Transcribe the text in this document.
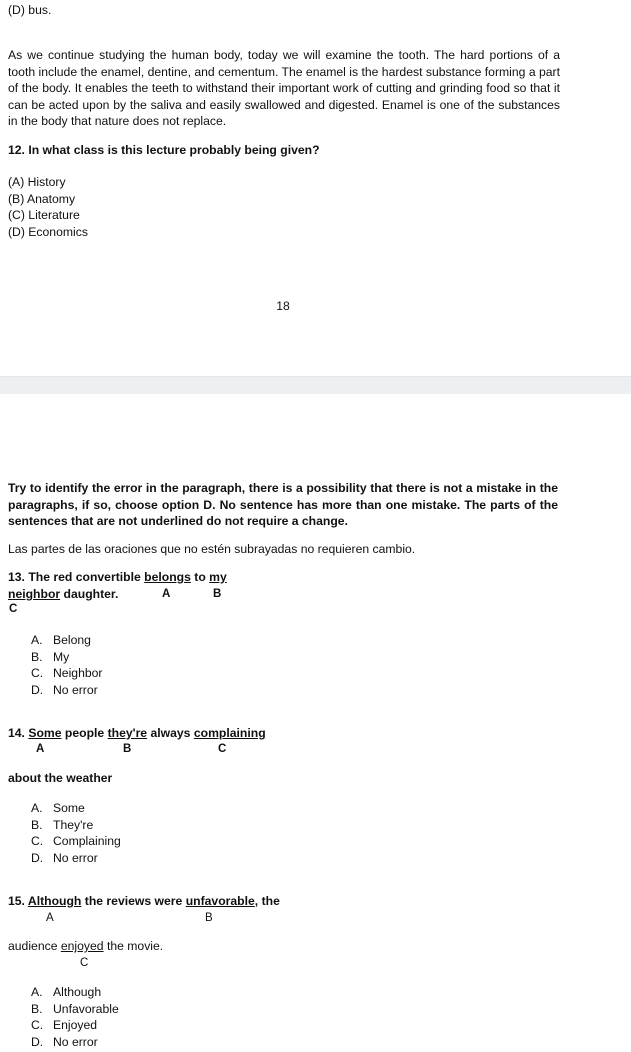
(D) bus.
As we continue studying the human body, today we will examine the tooth. The hard portions of a tooth include the enamel, dentine, and cementum. The enamel is the hardest substance forming a part of the body. It enables the teeth to withstand their important work of cutting and grinding food so that it can be acted upon by the saliva and easily swallowed and digested. Enamel is one of the substances in the body that nature does not replace.
12. In what class is this lecture probably being given?
(A) History
(B) Anatomy
(C) Literature
(D) Economics
18
Try to identify the error in the paragraph, there is a possibility that there is not a mistake in the paragraphs, if so, choose option D. No sentence has more than one mistake. The parts of the sentences that are not underlined do not require a change.
Las partes de las oraciones que no estén subrayadas no requieren cambio.
13. The red convertible belongs to my
neighbor daughter.	A	B
C
A. Belong
B. My
C. Neighbor
D. No error
14. Some people they're always complaining
A	B	C
about the weather
A. Some
B. They're
C. Complaining
D. No error
15. Although the reviews were unfavorable, the
A	B
audience enjoyed the movie.
C
A. Although
B. Unfavorable
C. Enjoyed
D. No error
